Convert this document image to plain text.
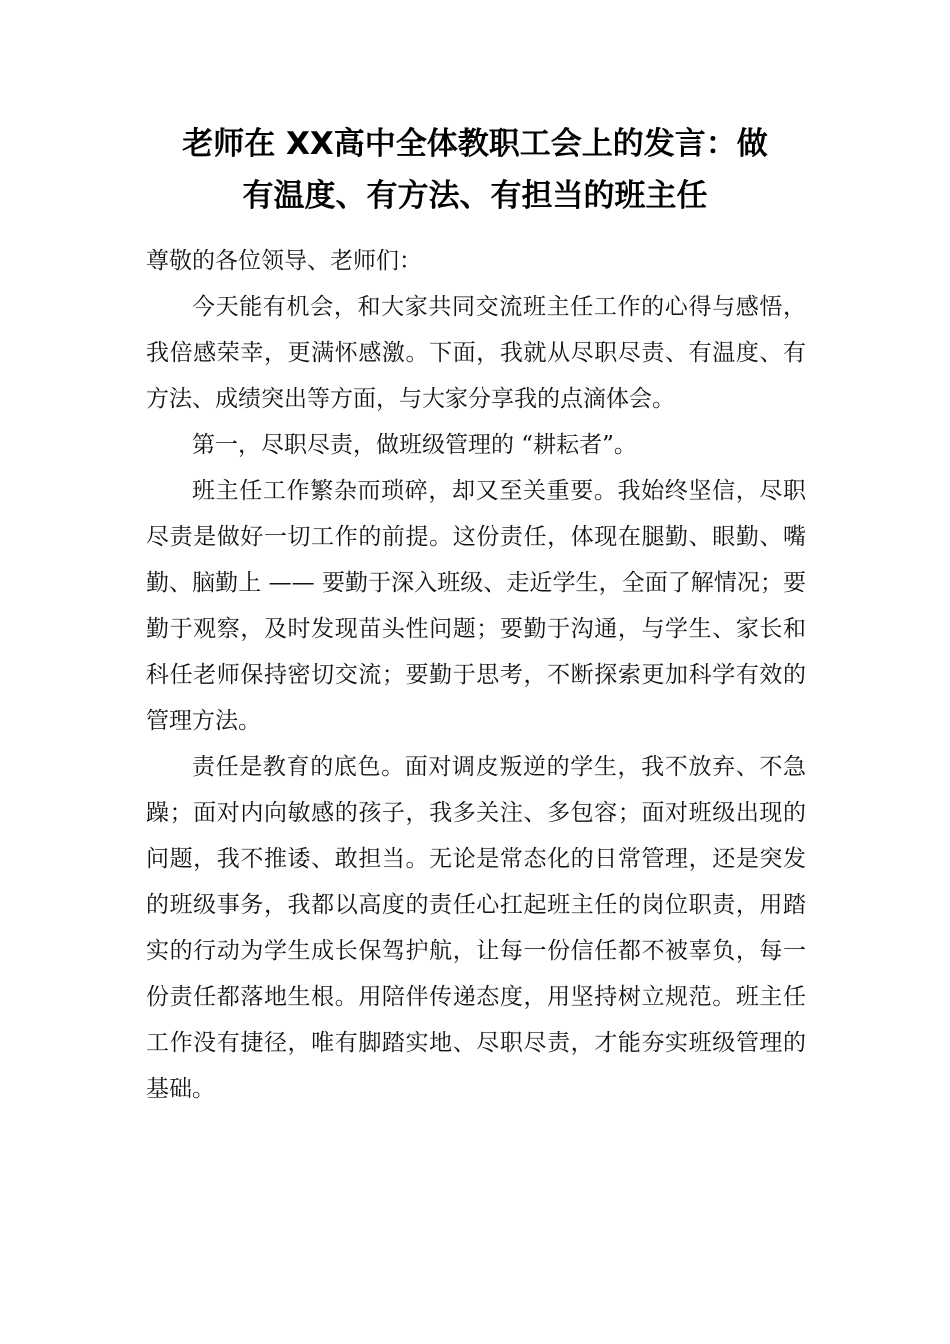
老师在 XX高中全体教职工会上的发言：做
有温度、有方法、有担当的班主任

尊敬的各位领导、老师们：

今天能有机会，和大家共同交流班主任工作的心得与感悟，我倍感荣幸，更满怀感激。下面，我就从尽职尽责、有温度、有方法、成绩突出等方面，与大家分享我的点滴体会。

第一，尽职尽责，做班级管理的 “耕耘者”。

班主任工作繁杂而琐碎，却又至关重要。我始终坚信，尽职尽责是做好一切工作的前提。这份责任，体现在腿勤、眼勤、嘴勤、脑勤上 —— 要勤于深入班级、走近学生，全面了解情况；要勤于观察，及时发现苗头性问题；要勤于沟通，与学生、家长和科任老师保持密切交流；要勤于思考，不断探索更加科学有效的管理方法。

责任是教育的底色。面对调皮叛逆的学生，我不放弃、不急躁；面对内向敏感的孩子，我多关注、多包容；面对班级出现的问题，我不推诿、敢担当。无论是常态化的日常管理，还是突发的班级事务，我都以高度的责任心扛起班主任的岗位职责，用踏实的行动为学生成长保驾护航，让每一份信任都不被辜负，每一份责任都落地生根。用陪伴传递态度，用坚持树立规范。班主任工作没有捷径，唯有脚踏实地、尽职尽责，才能夯实班级管理的基础。
